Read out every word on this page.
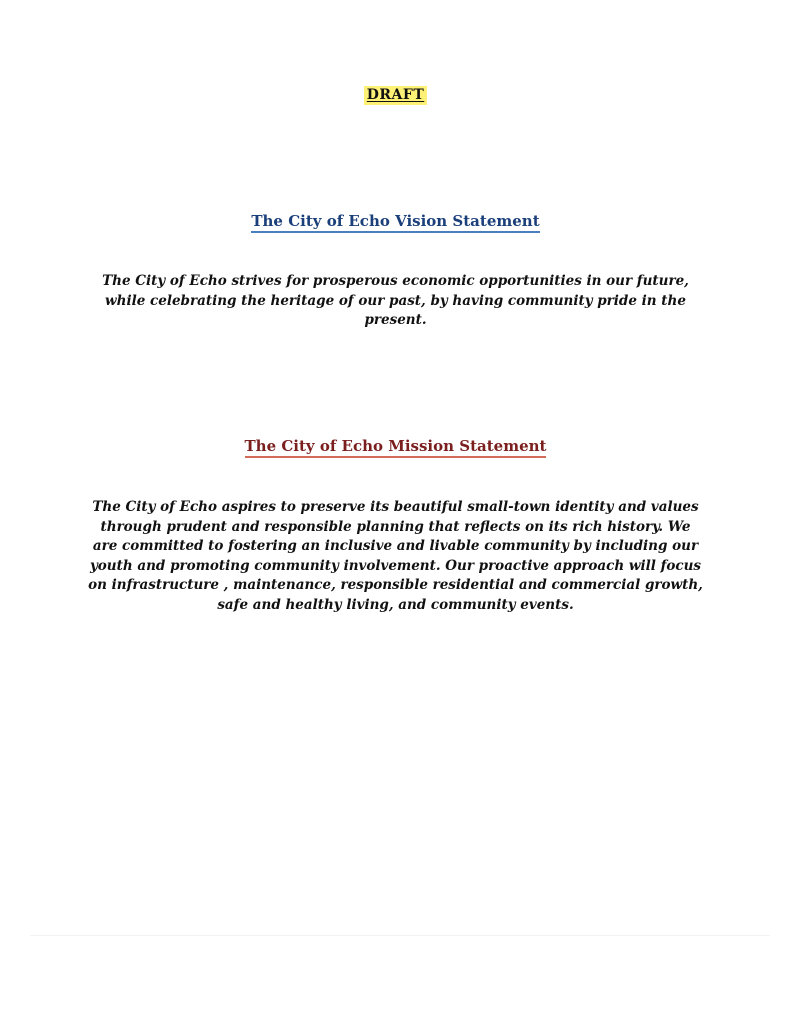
DRAFT
The City of Echo Vision Statement
The City of Echo strives for prosperous economic opportunities in our future, while celebrating the heritage of our past, by having community pride in the present.
The City of Echo Mission Statement
The City of Echo aspires to preserve its beautiful small-town identity and values through prudent and responsible planning that reflects on its rich history. We are committed to fostering an inclusive and livable community by including our youth and promoting community involvement. Our proactive approach will focus on infrastructure , maintenance, responsible residential and commercial growth, safe and healthy living, and community events.
